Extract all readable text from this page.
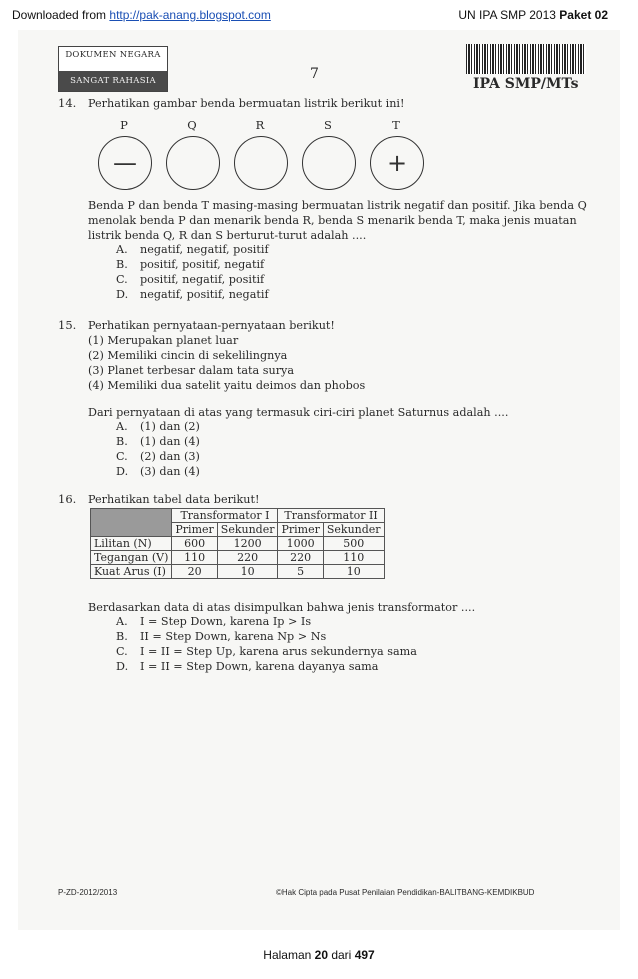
Downloaded from http://pak-anang.blogspot.com	UN IPA SMP 2013 Paket 02
DOKUMEN NEGARA
SANGAT RAHASIA	7
IPA SMP/MTs
14. Perhatikan gambar benda bermuatan listrik berikut ini!
P	Q	R	S	T
—	+
Benda P dan benda T masing-masing bermuatan listrik negatif dan positif. Jika benda Q
menolak benda P dan menarik benda R, benda S menarik benda T, maka jenis muatan
listrik benda Q, R dan S berturut-turut adalah ....
A. negatif, negatif, positif
B. positif, positif, negatif
C. positif, negatif, positif
D. negatif, positif, negatif
15. Perhatikan pernyataan-pernyataan berikut!
(1) Merupakan planet luar
(2) Memiliki cincin di sekelilingnya
(3) Planet terbesar dalam tata surya
(4) Memiliki dua satelit yaitu deimos dan phobos
Dari pernyataan di atas yang termasuk ciri-ciri planet Saturnus adalah ....
A. (1) dan (2)
B. (1) dan (4)
C. (2) dan (3)
D. (3) dan (4)
16. Perhatikan tabel data berikut!
	Transformator I		Transformator II	
	Primer	Sekunder	Primer	Sekunder
Lilitan (N)	600	1200	1000	500
Tegangan (V)	110	220	220	110
Kuat Arus (I)	20	10	5	10
Berdasarkan data di atas disimpulkan bahwa jenis transformator ....
A. I = Step Down, karena Ip > Is
B. II = Step Down, karena Np > Ns
C. I = II = Step Up, karena arus sekundernya sama
D. I = II = Step Down, karena dayanya sama
P-ZD-2012/2013	©Hak Cipta pada Pusat Penilaian Pendidikan-BALITBANG-KEMDIKBUD
Halaman 20 dari 497
